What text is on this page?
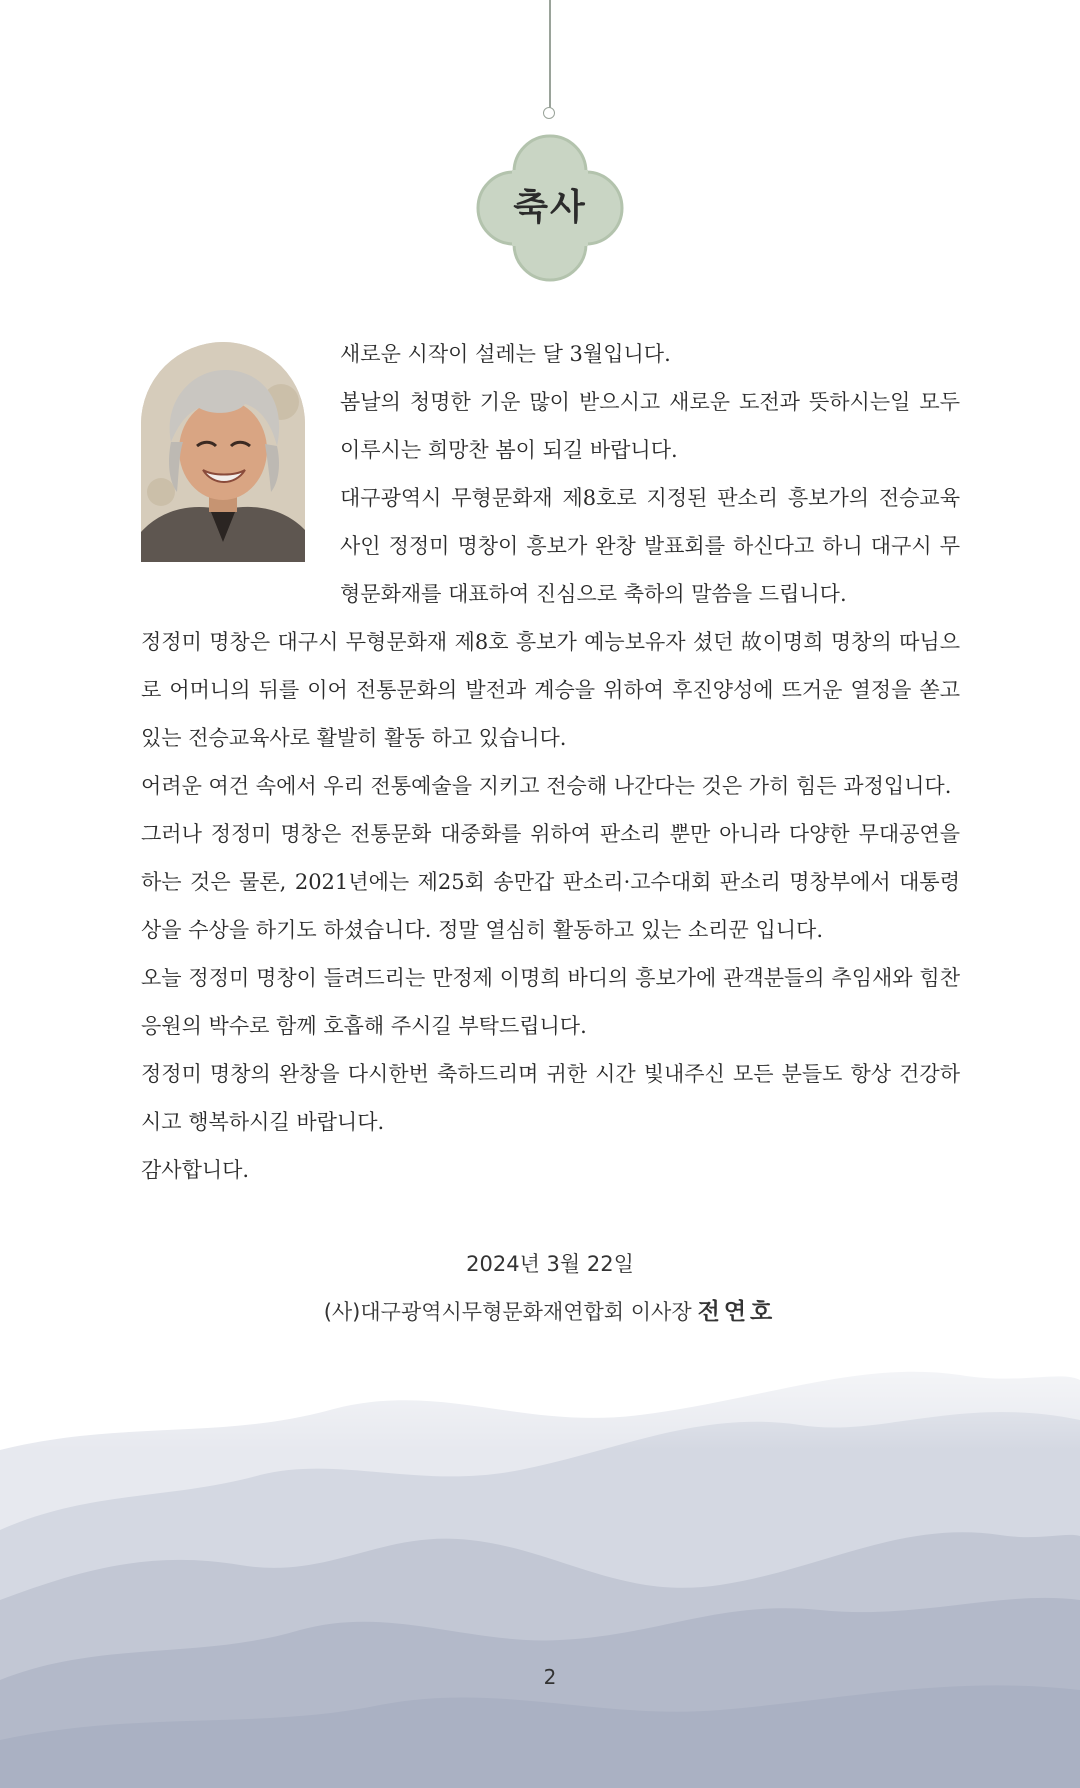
축사

새로운 시작이 설레는 달 3월입니다.

봄날의 청명한 기운 많이 받으시고 새로운 도전과 뜻하시는일 모두 이루시는 희망찬 봄이 되길 바랍니다.

대구광역시 무형문화재 제8호로 지정된 판소리 흥보가의 전승교육사인 정정미 명창이 흥보가 완창 발표회를 하신다고 하니 대구시 무형문화재를 대표하여 진심으로 축하의 말씀을 드립니다.

정정미 명창은 대구시 무형문화재 제8호 흥보가 예능보유자 셨던 故이명희 명창의 따님으로 어머니의 뒤를 이어 전통문화의 발전과 계승을 위하여 후진양성에 뜨거운 열정을 쏟고 있는 전승교육사로 활발히 활동 하고 있습니다.

어려운 여건 속에서 우리 전통예술을 지키고 전승해 나간다는 것은 가히 힘든 과정입니다.

그러나 정정미 명창은 전통문화 대중화를 위하여 판소리 뿐만 아니라 다양한 무대공연을 하는 것은 물론, 2021년에는 제25회 송만갑 판소리·고수대회 판소리 명창부에서 대통령상을 수상을 하기도 하셨습니다. 정말 열심히 활동하고 있는 소리꾼 입니다.

오늘 정정미 명창이 들려드리는 만정제 이명희 바디의 흥보가에 관객분들의 추임새와 힘찬 응원의 박수로 함께 호흡해 주시길 부탁드립니다.

정정미 명창의 완창을 다시한번 축하드리며 귀한 시간 빛내주신 모든 분들도 항상 건강하시고 행복하시길 바랍니다.

감사합니다.

2024년 3월 22일
(사)대구광역시무형문화재연합회 이사장 전연호
2
